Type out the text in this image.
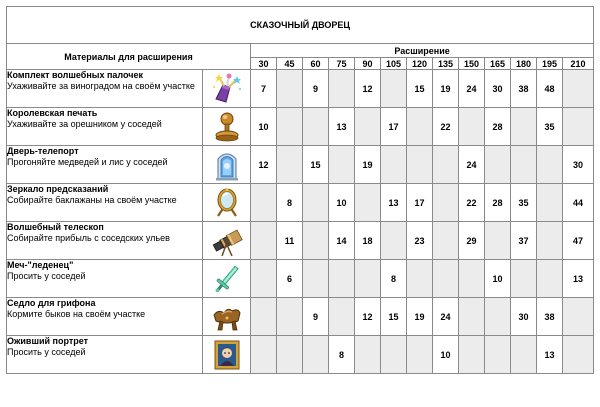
СКАЗОЧНЫЙ ДВОРЕЦ														
Материалы для расширения		Расширение												
		30	45	60	75	90	105	120	135	150	165	180	195	210

Комплект волшебных палочек
Ухаживайте за виноградом на своём участке		7		9		12		15	19	24	30	38	48	

Королевская печать
Ухаживайте за орешником у соседей		10			13		17		22		28		35	

Дверь-телепорт
Прогоняйте медведей и лис у соседей		12		15		19				24				30

Зеркало предсказаний
Собирайте баклажаны на своём участке			8		10		13	17		22	28	35		44

Волшебный телескоп
Собирайте прибыль с соседских ульев			11		14	18		23		29		37		47

Меч-"леденец"
Просить у соседей			6				8				10			13

Седло для грифона
Кормите быков на своём участке				9		12	15	19	24			30	38	

Оживший портрет
Просить у соседей					8				10				13	
